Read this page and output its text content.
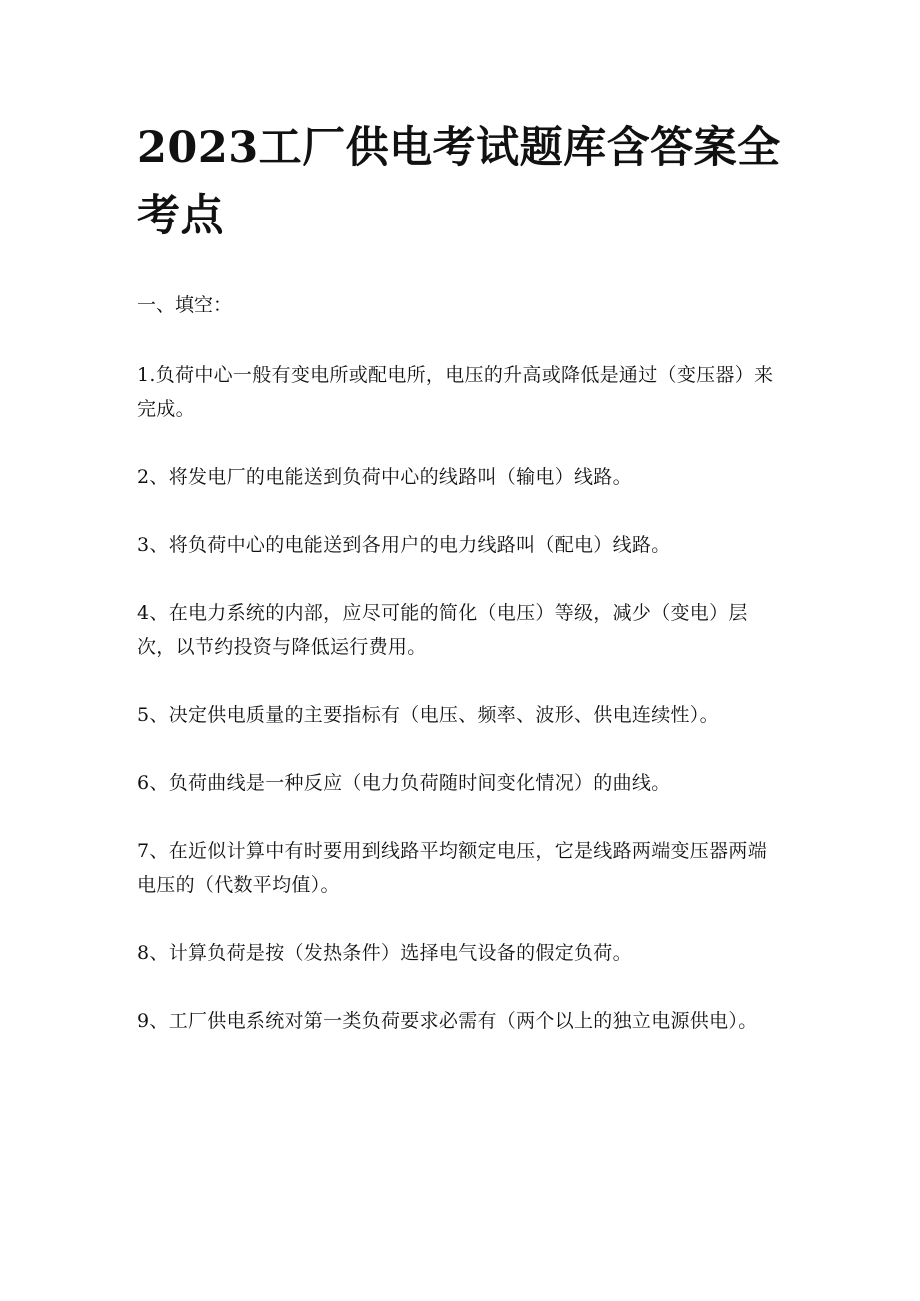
2023工厂供电考试题库含答案全考点

一、填空：

1.负荷中心一般有变电所或配电所，电压的升高或降低是通过（变压器）来完成。
2、将发电厂的电能送到负荷中心的线路叫（输电）线路。
3、将负荷中心的电能送到各用户的电力线路叫（配电）线路。
4、在电力系统的内部，应尽可能的简化（电压）等级，减少（变电）层次，以节约投资与降低运行费用。
5、决定供电质量的主要指标有（电压、频率、波形、供电连续性）。
6、负荷曲线是一种反应（电力负荷随时间变化情况）的曲线。
7、在近似计算中有时要用到线路平均额定电压，它是线路两端变压器两端电压的（代数平均值）。
8、计算负荷是按（发热条件）选择电气设备的假定负荷。
9、工厂供电系统对第一类负荷要求必需有（两个以上的独立电源供电）。
